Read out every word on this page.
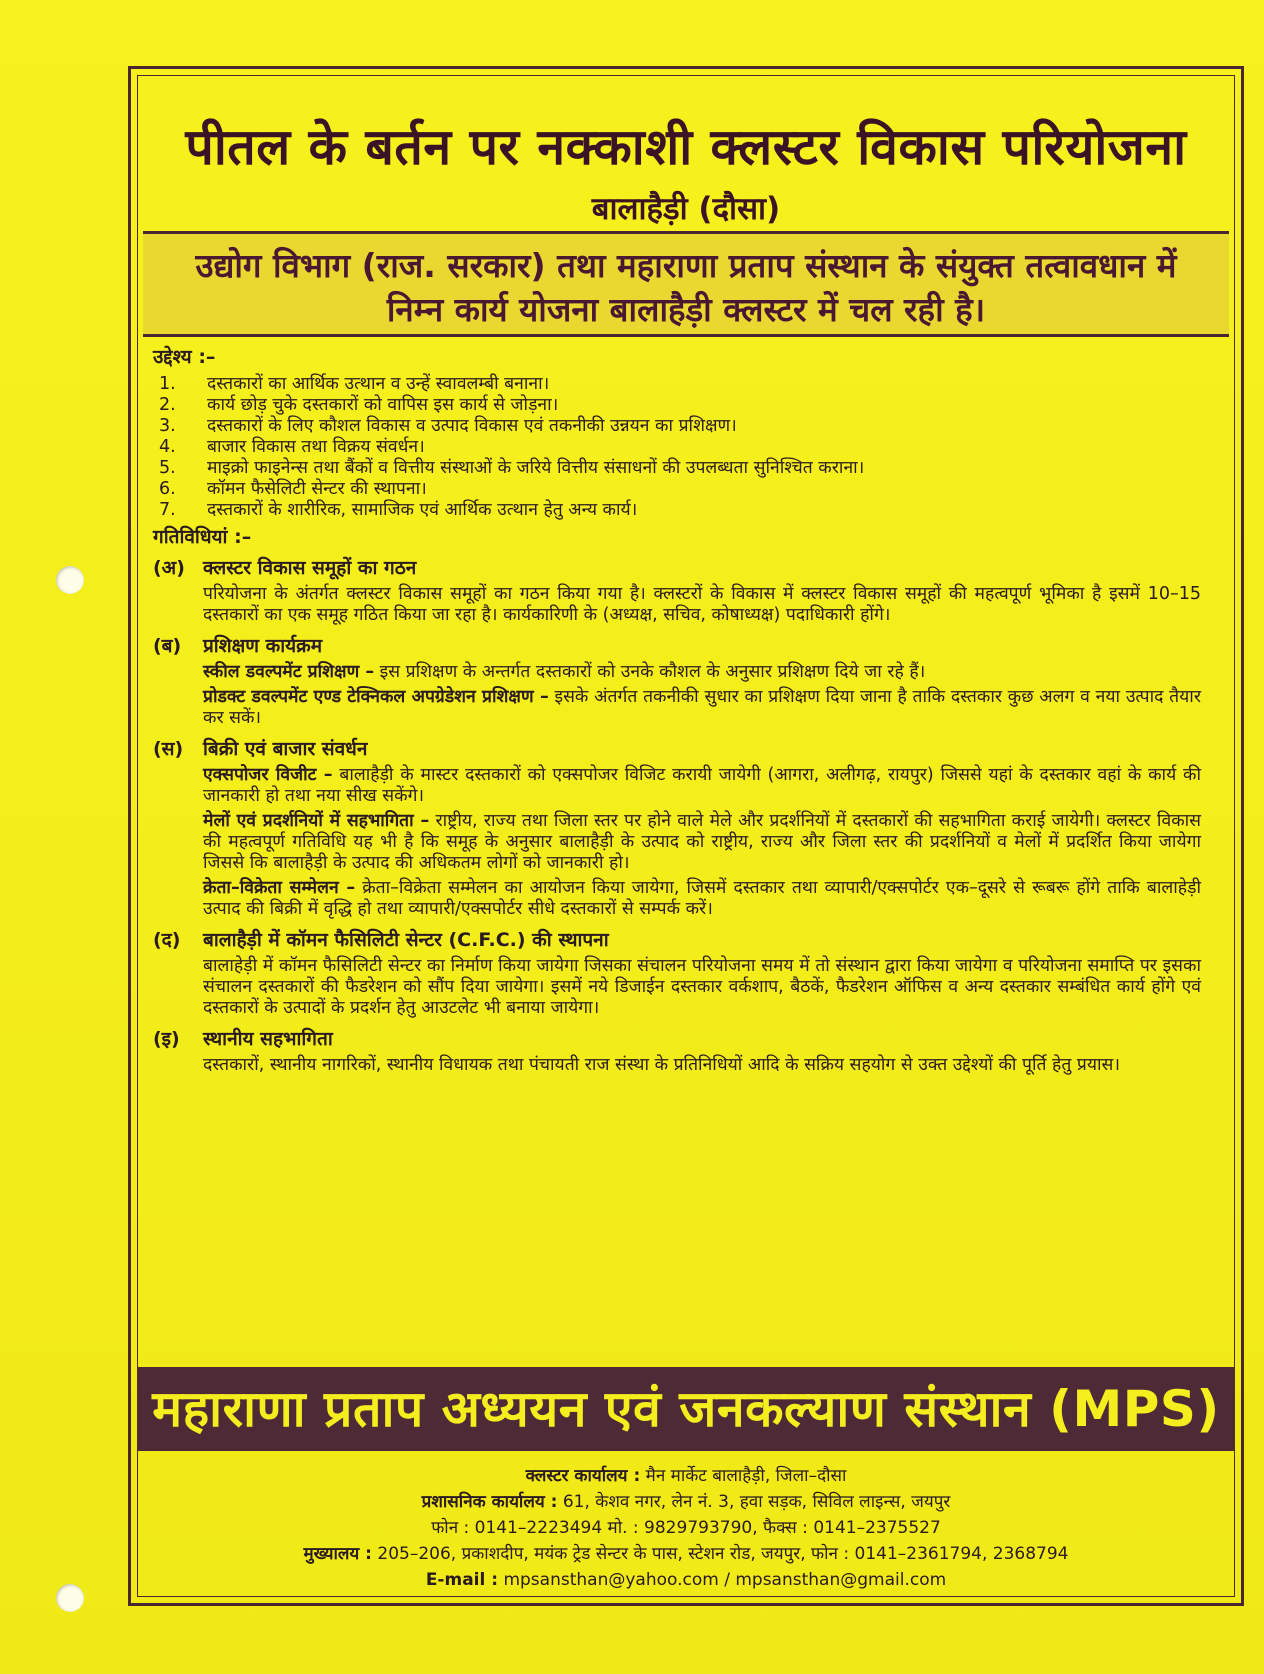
पीतल के बर्तन पर नक्काशी क्लस्टर विकास परियोजना
बालाहैड़ी (दौसा)
उद्योग विभाग (राज. सरकार) तथा महाराणा प्रताप संस्थान के संयुक्त तत्वावधान में
निम्न कार्य योजना बालाहैड़ी क्लस्टर में चल रही है।
उद्देश्य :–
1.	दस्तकारों का आर्थिक उत्थान व उन्हें स्वावलम्बी बनाना।
2.	कार्य छोड़ चुके दस्तकारों को वापिस इस कार्य से जोड़ना।
3.	दस्तकारों के लिए कौशल विकास व उत्पाद विकास एवं तकनीकी उन्नयन का प्रशिक्षण।
4.	बाजार विकास तथा विक्रय संवर्धन।
5.	माइक्रो फाइनेन्स तथा बैंकों व वित्तीय संस्थाओं के जरिये वित्तीय संसाधनों की उपलब्धता सुनिश्चित कराना।
6.	कॉमन फैसेलिटी सेन्टर की स्थापना।
7.	दस्तकारों के शारीरिक, सामाजिक एवं आर्थिक उत्थान हेतु अन्य कार्य।
गतिविधियां :–
(अ) क्लस्टर विकास समूहों का गठन
परियोजना के अंतर्गत क्लस्टर विकास समूहों का गठन किया गया है। क्लस्टरों के विकास में क्लस्टर विकास समूहों की महत्वपूर्ण भूमिका है इसमें 10–15 दस्तकारों का एक समूह गठित किया जा रहा है। कार्यकारिणी के (अध्यक्ष, सचिव, कोषाध्यक्ष) पदाधिकारी होंगे।
(ब)	प्रशिक्षण कार्यक्रम
स्कील डवल्पमेंट प्रशिक्षण – इस प्रशिक्षण के अन्तर्गत दस्तकारों को उनके कौशल के अनुसार प्रशिक्षण दिये जा रहे हैं।
प्रोडक्ट डवल्पमेंट एण्ड टेक्निकल अपग्रेडेशन प्रशिक्षण – इसके अंतर्गत तकनीकी सुधार का प्रशिक्षण दिया जाना है ताकि दस्तकार कुछ अलग व नया उत्पाद तैयार कर सकें।
(स)	बिक्री एवं बाजार संवर्धन
एक्सपोजर विजीट – बालाहैड़ी के मास्टर दस्तकारों को एक्सपोजर विजिट करायी जायेगी (आगरा, अलीगढ़, रायपुर) जिससे यहां के दस्तकार वहां के कार्य की जानकारी हो तथा नया सीख सकेंगे।
मेलों एवं प्रदर्शनियों में सहभागिता – राष्ट्रीय, राज्य तथा जिला स्तर पर होने वाले मेले और प्रदर्शनियों में दस्तकारों की सहभागिता कराई जायेगी। क्लस्टर विकास की महत्वपूर्ण गतिविधि यह भी है कि समूह के अनुसार बालाहैड़ी के उत्पाद को राष्ट्रीय, राज्य और जिला स्तर की प्रदर्शनियों व मेलों में प्रदर्शित किया जायेगा जिससे कि बालाहैड़ी के उत्पाद की अधिकतम लोगों को जानकारी हो।
क्रेता–विक्रेता सम्मेलन – क्रेता–विक्रेता सम्मेलन का आयोजन किया जायेगा, जिसमें दस्तकार तथा व्यापारी/एक्सपोर्टर एक–दूसरे से रूबरू होंगे ताकि बालाहेड़ी उत्पाद की बिक्री में वृद्धि हो तथा व्यापारी/एक्सपोर्टर सीधे दस्तकारों से सम्पर्क करें।
(द)	बालाहैड़ी में कॉमन फैसिलिटी सेन्टर (C.F.C.) की स्थापना
बालाहेड़ी में कॉमन फैसिलिटी सेन्टर का निर्माण किया जायेगा जिसका संचालन परियोजना समय में तो संस्थान द्वारा किया जायेगा व परियोजना समाप्ति पर इसका संचालन दस्तकारों की फैडरेशन को सौंप दिया जायेगा। इसमें नये डिजाईन दस्तकार वर्कशाप, बैठकें, फैडरेशन ऑफिस व अन्य दस्तकार सम्बंधित कार्य होंगे एवं दस्तकारों के उत्पादों के प्रदर्शन हेतु आउटलेट भी बनाया जायेगा।
(इ)	स्थानीय सहभागिता
दस्तकारों, स्थानीय नागरिकों, स्थानीय विधायक तथा पंचायती राज संस्था के प्रतिनिधियों आदि के सक्रिय सहयोग से उक्त उद्देश्यों की पूर्ति हेतु प्रयास।
महाराणा प्रताप अध्ययन एवं जनकल्याण संस्थान (MPS)
क्लस्टर कार्यालय : मैन मार्केट बालाहैड़ी, जिला–दौसा
प्रशासनिक कार्यालय : 61, केशव नगर, लेन नं. 3, हवा सड़क, सिविल लाइन्स, जयपुर
फोन : 0141–2223494 मो. : 9829793790, फैक्स : 0141–2375527
मुख्यालय : 205–206, प्रकाशदीप, मयंक ट्रेड सेन्टर के पास, स्टेशन रोड, जयपुर, फोन : 0141–2361794, 2368794
E-mail : mpsansthan@yahoo.com / mpsansthan@gmail.com
